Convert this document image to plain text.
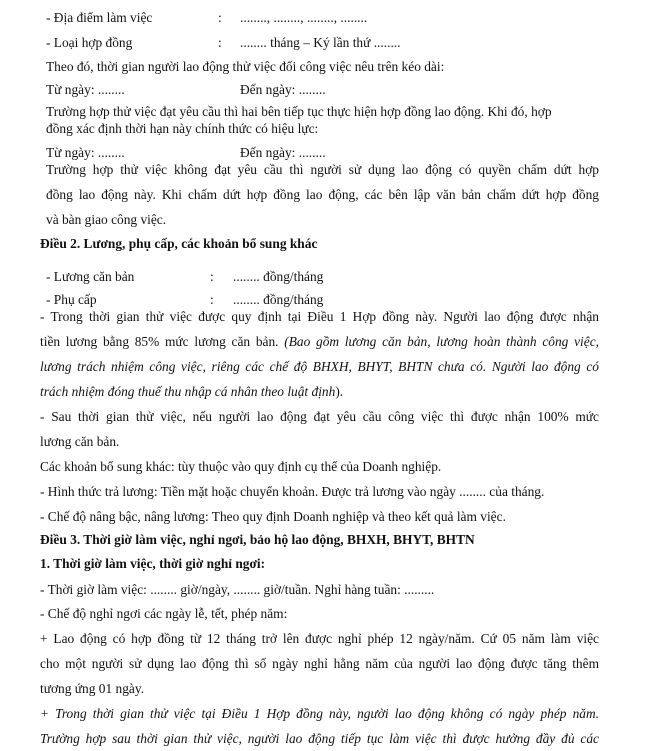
- Địa điểm làm việc	: ........, ........, ........, ........
- Loại hợp đồng	: ........ tháng – Ký lần thứ ........
Theo đó, thời gian người lao động thử việc đối công việc nêu trên kéo dài:
Từ ngày: ........	Đến ngày: ........
Trường hợp thử việc đạt yêu cầu thì hai bên tiếp tục thực hiện hợp đồng lao động. Khi đó, hợp
đồng xác định thời hạn này chính thức có hiệu lực:
Từ ngày: ........	Đến ngày: ........
Trường hợp thử việc không đạt yêu cầu thì người sử dụng lao động có quyền chấm dứt hợp
đồng lao động này. Khi chấm dứt hợp đồng lao động, các bên lập văn bản chấm dứt hợp đồng
và bàn giao công việc.
Điều 2. Lương, phụ cấp, các khoản bổ sung khác
- Lương căn bản	: ........ đồng/tháng
- Phụ cấp	: ........ đồng/tháng
- Trong thời gian thử việc được quy định tại Điều 1 Hợp đồng này. Người lao động được nhận
tiền lương bằng 85% mức lương căn bản. (Bao gồm lương căn bản, lương hoàn thành công việc,
lương trách nhiệm công việc, riêng các chế độ BHXH, BHYT, BHTN chưa có. Người lao động có
trách nhiệm đóng thuế thu nhập cá nhân theo luật định).
- Sau thời gian thử việc, nếu người lao động đạt yêu cầu công việc thì được nhận 100% mức
lương căn bản.
Các khoản bổ sung khác: tùy thuộc vào quy định cụ thể của Doanh nghiệp.
- Hình thức trả lương: Tiền mặt hoặc chuyển khoản. Được trả lương vào ngày ........ của tháng.
- Chế độ nâng bậc, nâng lương: Theo quy định Doanh nghiệp và theo kết quả làm việc.
Điều 3. Thời giờ làm việc, nghỉ ngơi, bảo hộ lao động, BHXH, BHYT, BHTN
1. Thời giờ làm việc, thời giờ nghỉ ngơi:
- Thời giờ làm việc: ........ giờ/ngày, ........ giờ/tuần. Nghỉ hàng tuần: .........
- Chế độ nghỉ ngơi các ngày lễ, tết, phép năm:
+ Lao động có hợp đồng từ 12 tháng trở lên được nghỉ phép 12 ngày/năm. Cứ 05 năm làm việc
cho một người sử dụng lao động thì số ngày nghỉ hằng năm của người lao động được tăng thêm
tương ứng 01 ngày.
+ Trong thời gian thử việc tại Điều 1 Hợp đồng này, người lao động không có ngày phép năm.
Trường hợp sau thời gian thử việc, người lao động tiếp tục làm việc thì được hưởng đầy đủ các
